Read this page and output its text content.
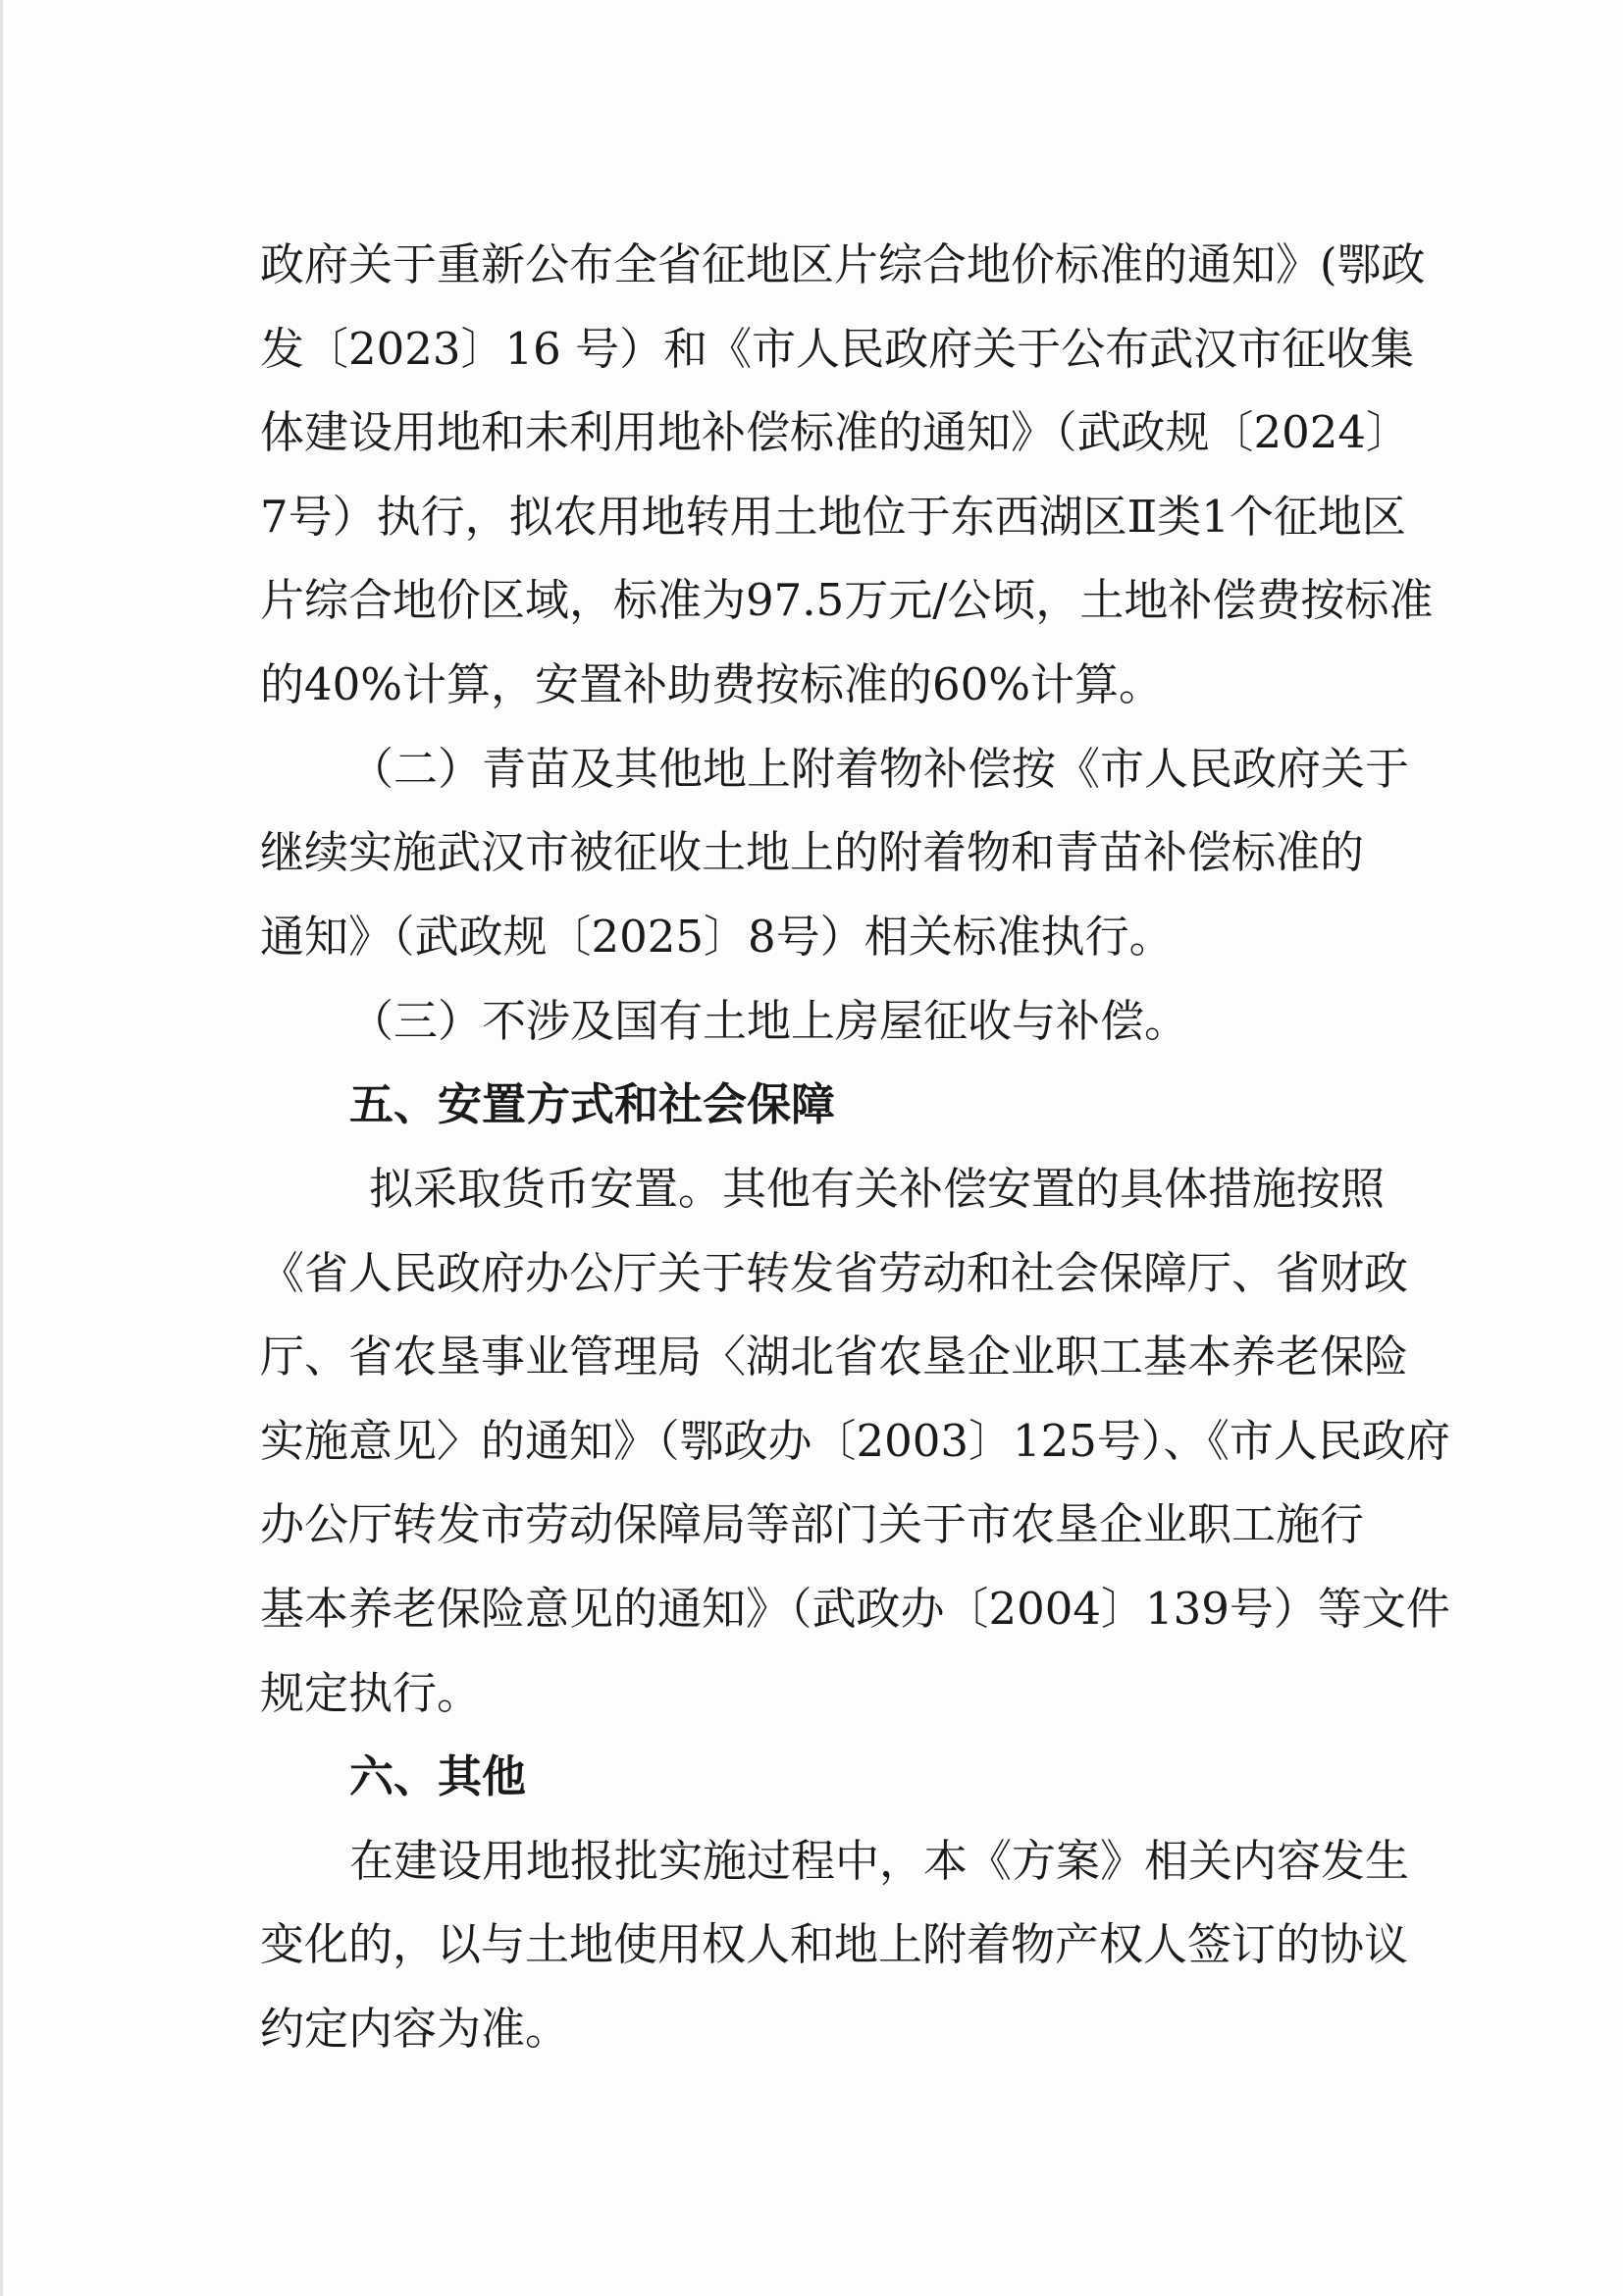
政府关于重新公布全省征地区片综合地价标准的通知》(鄂政
发〔2023〕16 号）和《市人民政府关于公布武汉市征收集
体建设用地和未利用地补偿标准的通知》（武政规〔2024〕
7号）执行，拟农用地转用土地位于东西湖区Ⅱ类1个征地区
片综合地价区域，标准为97.5万元/公顷，土地补偿费按标准
的40%计算，安置补助费按标准的60%计算。
（二）青苗及其他地上附着物补偿按《市人民政府关于
继续实施武汉市被征收土地上的附着物和青苗补偿标准的
通知》（武政规〔2025〕8号）相关标准执行。
（三）不涉及国有土地上房屋征收与补偿。
五、安置方式和社会保障
拟采取货币安置。其他有关补偿安置的具体措施按照
《省人民政府办公厅关于转发省劳动和社会保障厅、省财政
厅、省农垦事业管理局〈湖北省农垦企业职工基本养老保险
实施意见〉的通知》（鄂政办〔2003〕125号）、《市人民政府
办公厅转发市劳动保障局等部门关于市农垦企业职工施行
基本养老保险意见的通知》（武政办〔2004〕139号）等文件
规定执行。
六、其他
在建设用地报批实施过程中，本《方案》相关内容发生
变化的，以与土地使用权人和地上附着物产权人签订的协议
约定内容为准。
